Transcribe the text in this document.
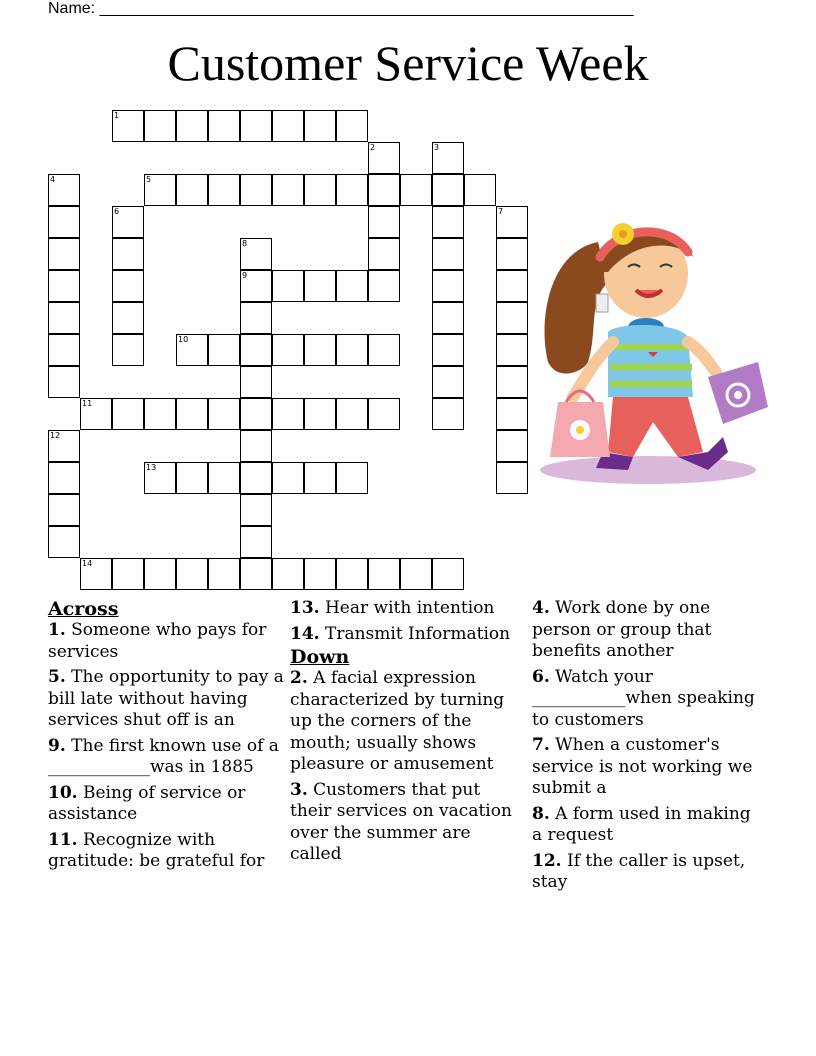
Name: ____________________________________________________________
Customer Service Week
1
2	3
4	5
6	7
8
9
10
11
12
13
14
Across
1. Someone who pays for services
5. The opportunity to pay a bill late without having services shut off is an
9. The first known use of a ____________was in 1885
10. Being of service or assistance
11. Recognize with gratitude: be grateful for
13. Hear with intention
14. Transmit Information
Down
2. A facial expression characterized by turning up the corners of the mouth; usually shows pleasure or amusement
3. Customers that put their services on vacation over the summer are called
4. Work done by one person or group that benefits another
6. Watch your ___________when speaking to customers
7. When a customer's service is not working we submit a
8. A form used in making a request
12. If the caller is upset, stay
